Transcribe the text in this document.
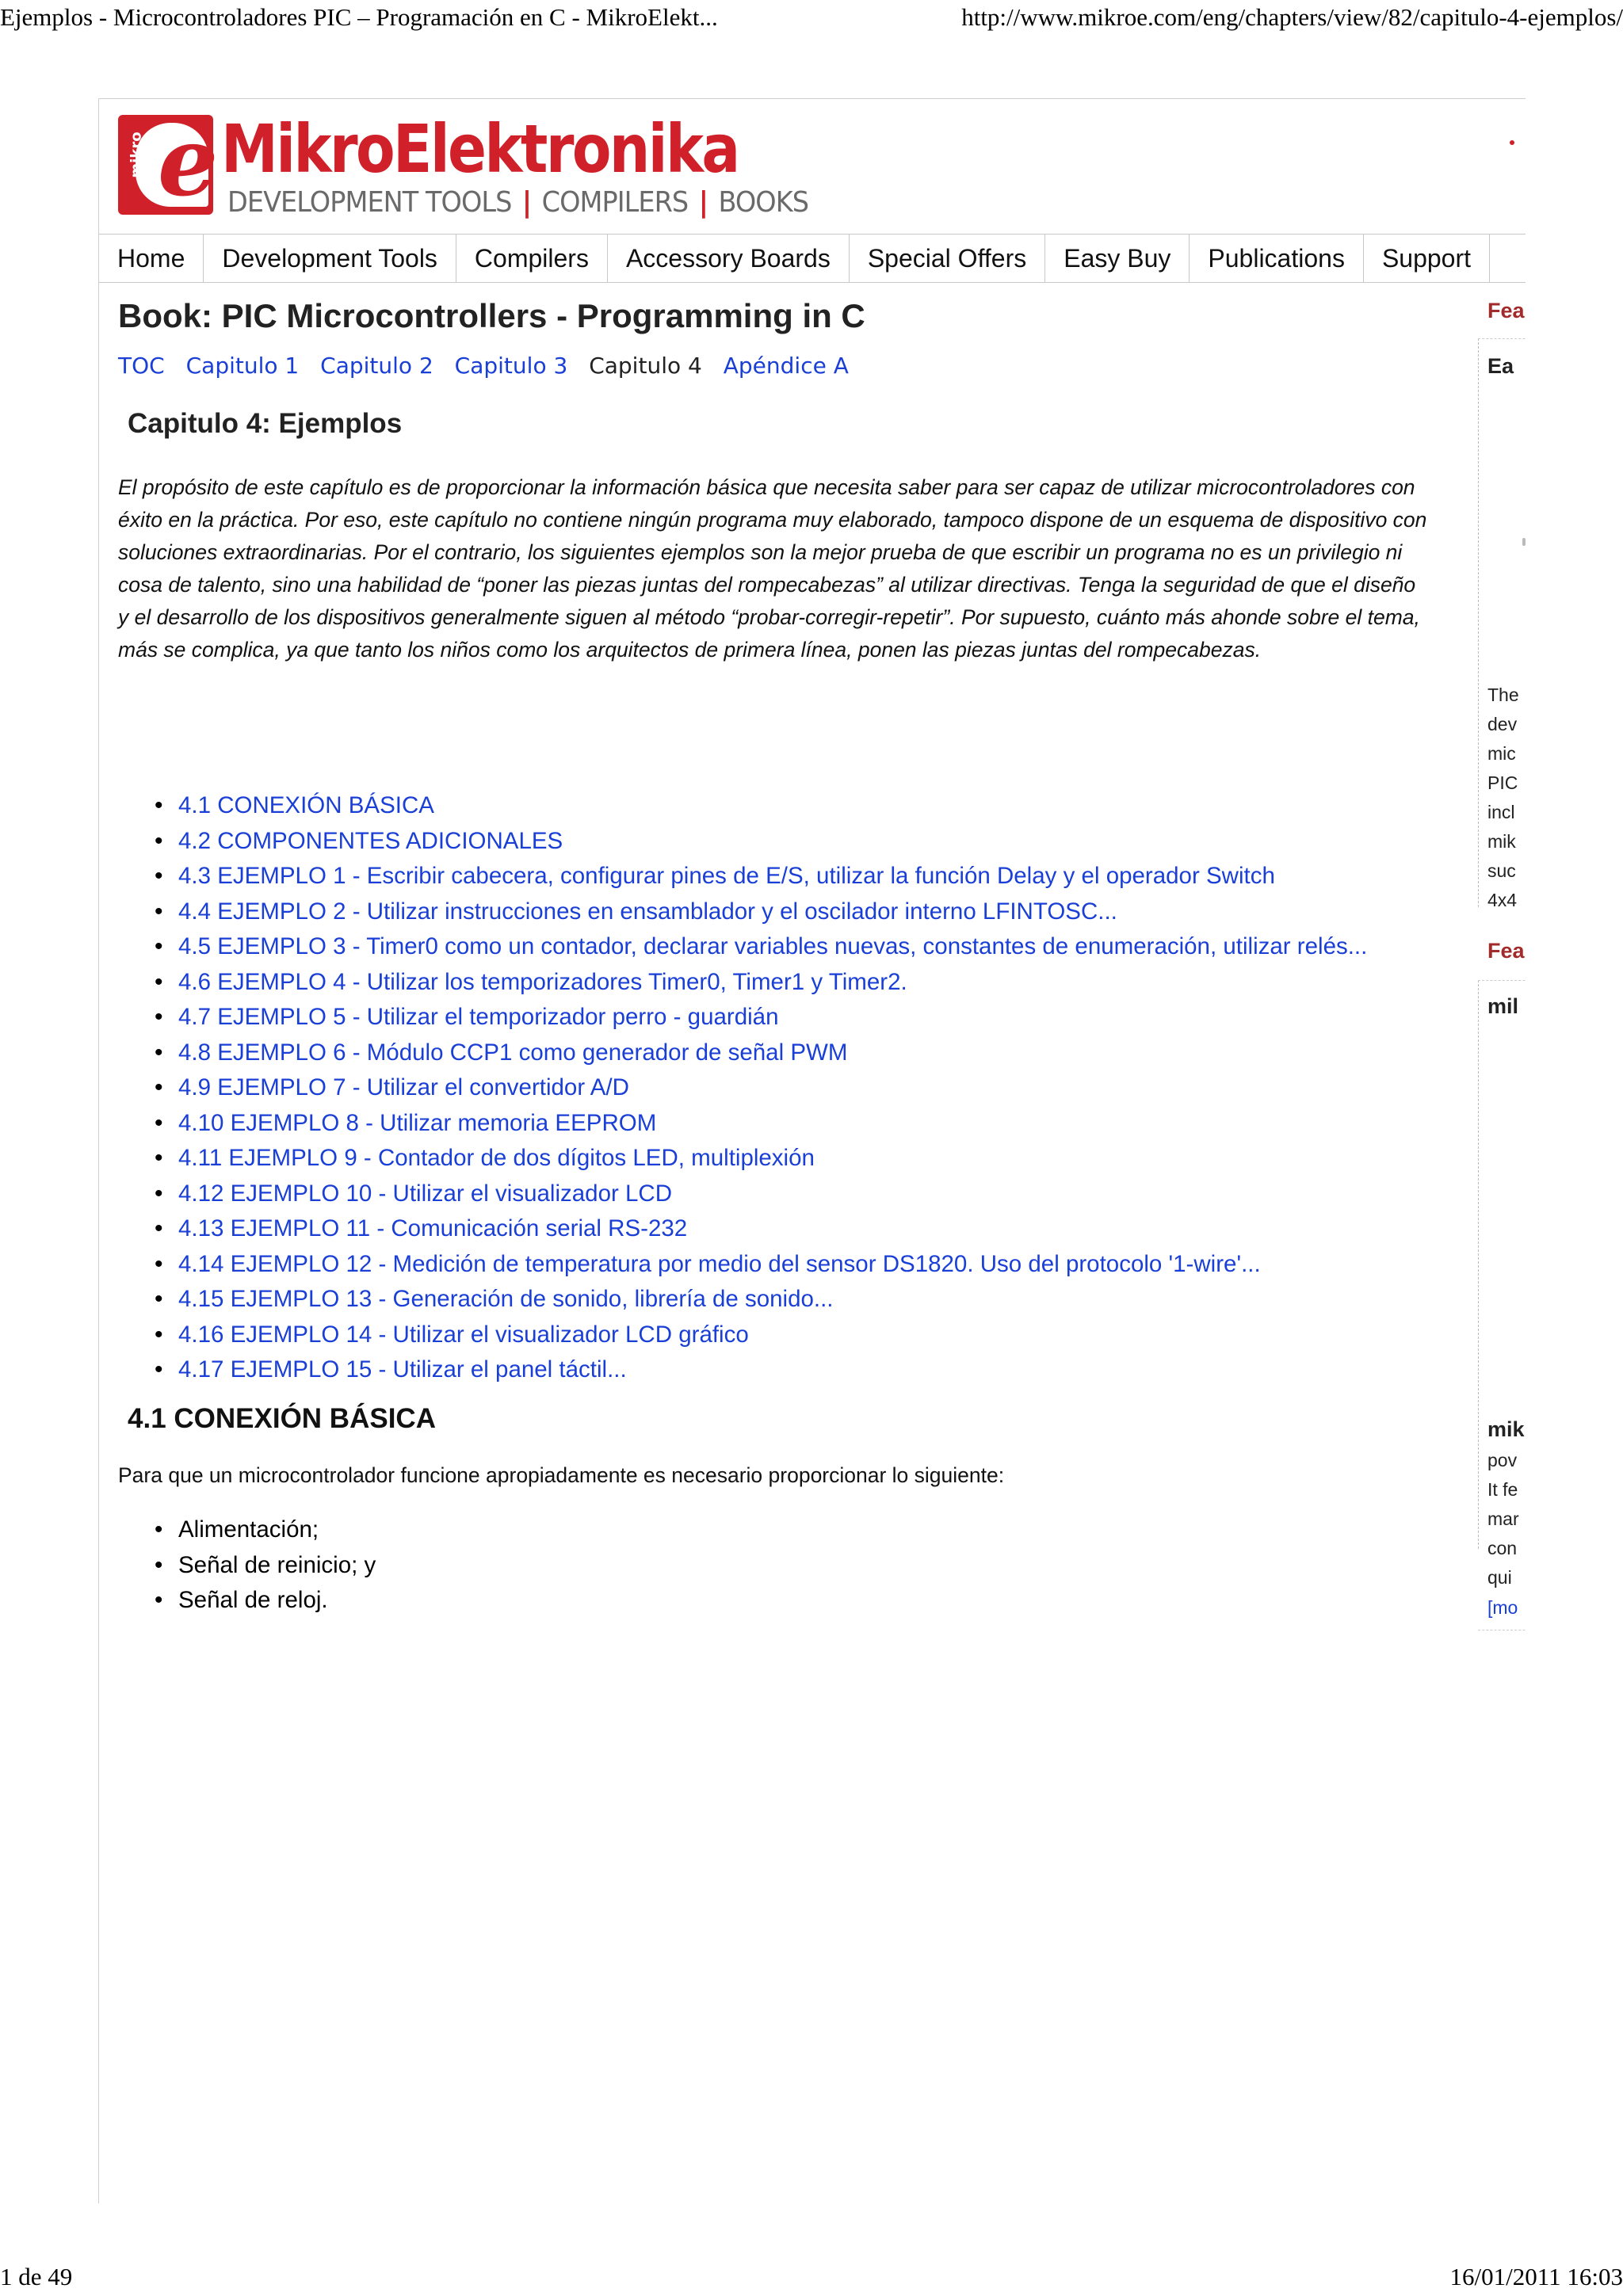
Ejemplos - Microcontroladores PIC – Programación en C - MikroElekt...	http://www.mikroe.com/eng/chapters/view/82/capitulo-4-ejemplos/
e
mikro MikroElektronika
DEVELOPMENT TOOLS | COMPILERS | BOOKS
Home	Development Tools	Compilers	Accessory Boards	Special Offers	Easy Buy	Publications	Support
Book: PIC Microcontrollers - Programming in C
TOC Capitulo 1 Capitulo 2 Capitulo 3 Capitulo 4 Apéndice A
Capitulo 4: Ejemplos
El propósito de este capítulo es de proporcionar la información básica que necesita saber para ser capaz de utilizar microcontroladores con
éxito en la práctica. Por eso, este capítulo no contiene ningún programa muy elaborado, tampoco dispone de un esquema de dispositivo con
soluciones extraordinarias. Por el contrario, los siguientes ejemplos son la mejor prueba de que escribir un programa no es un privilegio ni
cosa de talento, sino una habilidad de “poner las piezas juntas del rompecabezas” al utilizar directivas. Tenga la seguridad de que el diseño
y el desarrollo de los dispositivos generalmente siguen al método “probar-corregir-repetir”. Por supuesto, cuánto más ahonde sobre el tema,
más se complica, ya que tanto los niños como los arquitectos de primera línea, ponen las piezas juntas del rompecabezas.
• 4.1 CONEXIÓN BÁSICA
• 4.2 COMPONENTES ADICIONALES
• 4.3 EJEMPLO 1 - Escribir cabecera, configurar pines de E/S, utilizar la función Delay y el operador Switch
• 4.4 EJEMPLO 2 - Utilizar instrucciones en ensamblador y el oscilador interno LFINTOSC...
• 4.5 EJEMPLO 3 - Timer0 como un contador, declarar variables nuevas, constantes de enumeración, utilizar relés...
• 4.6 EJEMPLO 4 - Utilizar los temporizadores Timer0, Timer1 y Timer2.
• 4.7 EJEMPLO 5 - Utilizar el temporizador perro - guardián
• 4.8 EJEMPLO 6 - Módulo CCP1 como generador de señal PWM
• 4.9 EJEMPLO 7 - Utilizar el convertidor A/D
• 4.10 EJEMPLO 8 - Utilizar memoria EEPROM
• 4.11 EJEMPLO 9 - Contador de dos dígitos LED, multiplexión
• 4.12 EJEMPLO 10 - Utilizar el visualizador LCD
• 4.13 EJEMPLO 11 - Comunicación serial RS-232
• 4.14 EJEMPLO 12 - Medición de temperatura por medio del sensor DS1820. Uso del protocolo '1-wire'...
• 4.15 EJEMPLO 13 - Generación de sonido, librería de sonido...
• 4.16 EJEMPLO 14 - Utilizar el visualizador LCD gráfico
• 4.17 EJEMPLO 15 - Utilizar el panel táctil...
4.1 CONEXIÓN BÁSICA
Para que un microcontrolador funcione apropiadamente es necesario proporcionar lo siguiente:
• Alimentación;
• Señal de reinicio; y
• Señal de reloj.
Fea
Ea
The
dev
mic
PIC
incl
mik
suc
4x4
Fea
mil
mik
pov
It fe
mar
con
qui
[mo
1 de 49	16/01/2011 16:03
